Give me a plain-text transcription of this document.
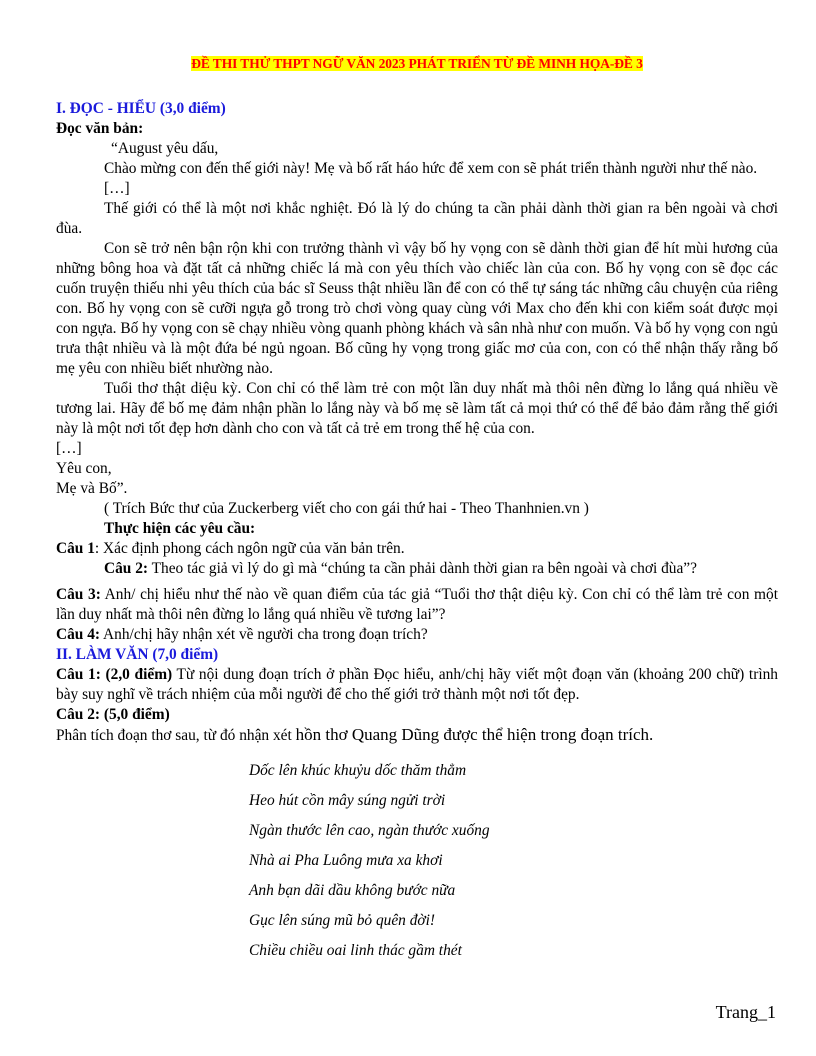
ĐỀ THI THỬ THPT NGỮ VĂN 2023 PHÁT TRIỂN TỪ ĐỀ MINH HỌA-ĐỀ 3
I. ĐỌC - HIỂU (3,0 điểm)
Đọc văn bản:

“August yêu dấu,

Chào mừng con đến thế giới này! Mẹ và bố rất háo hức để xem con sẽ phát triển thành người như thế nào.

[…]

Thế giới có thể là một nơi khắc nghiệt. Đó là lý do chúng ta cần phải dành thời gian ra bên ngoài và chơi đùa.

Con sẽ trở nên bận rộn khi con trưởng thành vì vậy bố hy vọng con sẽ dành thời gian để hít mùi hương của những bông hoa và đặt tất cả những chiếc lá mà con yêu thích vào chiếc làn của con. Bố hy vọng con sẽ đọc các cuốn truyện thiếu nhi yêu thích của bác sĩ Seuss thật nhiều lần để con có thể tự sáng tác những câu chuyện của riêng con. Bố hy vọng con sẽ cưỡi ngựa gỗ trong trò chơi vòng quay cùng với Max cho đến khi con kiểm soát được mọi con ngựa. Bố hy vọng con sẽ chạy nhiều vòng quanh phòng khách và sân nhà như con muốn. Và bố hy vọng con ngủ trưa thật nhiều và là một đứa bé ngủ ngoan. Bố cũng hy vọng trong giấc mơ của con, con có thể nhận thấy rằng bố mẹ yêu con nhiều biết nhường nào.

Tuổi thơ thật diệu kỳ. Con chỉ có thể làm trẻ con một lần duy nhất mà thôi nên đừng lo lắng quá nhiều về tương lai. Hãy để bố mẹ đảm nhận phần lo lắng này và bố mẹ sẽ làm tất cả mọi thứ có thể để bảo đảm rằng thế giới này là một nơi tốt đẹp hơn dành cho con và tất cả trẻ em trong thế hệ của con.

[…]

Yêu con,

Mẹ và Bố”.

( Trích Bức thư của Zuckerberg viết cho con gái thứ hai - Theo Thanhnien.vn )

Thực hiện các yêu cầu:

Câu 1: Xác định phong cách ngôn ngữ của văn bản trên.

Câu 2: Theo tác giả vì lý do gì mà “chúng ta cần phải dành thời gian ra bên ngoài và chơi đùa”?

Câu 3: Anh/ chị hiểu như thế nào về quan điểm của tác giả “Tuổi thơ thật diệu kỳ. Con chỉ có thể làm trẻ con một lần duy nhất mà thôi nên đừng lo lắng quá nhiều về tương lai”?

Câu 4: Anh/chị hãy nhận xét về người cha trong đoạn trích?

II. LÀM VĂN (7,0 điểm)

Câu 1: (2,0 điểm) Từ nội dung đoạn trích ở phần Đọc hiểu, anh/chị hãy viết một đoạn văn (khoảng 200 chữ) trình bày suy nghĩ về trách nhiệm của mỗi người để cho thế giới trở thành một nơi tốt đẹp.

Câu 2: (5,0 điểm)

Phân tích đoạn thơ sau, từ đó nhận xét hồn thơ Quang Dũng được thể hiện trong đoạn trích.

Dốc lên khúc khuỷu dốc thăm thẳm
Heo hút cồn mây súng ngửi trời
Ngàn thước lên cao, ngàn thước xuống
Nhà ai Pha Luông mưa xa khơi
Anh bạn dãi dầu không bước nữa
Gục lên súng mũ bỏ quên đời!
Chiều chiều oai linh thác gầm thét
Trang_1
